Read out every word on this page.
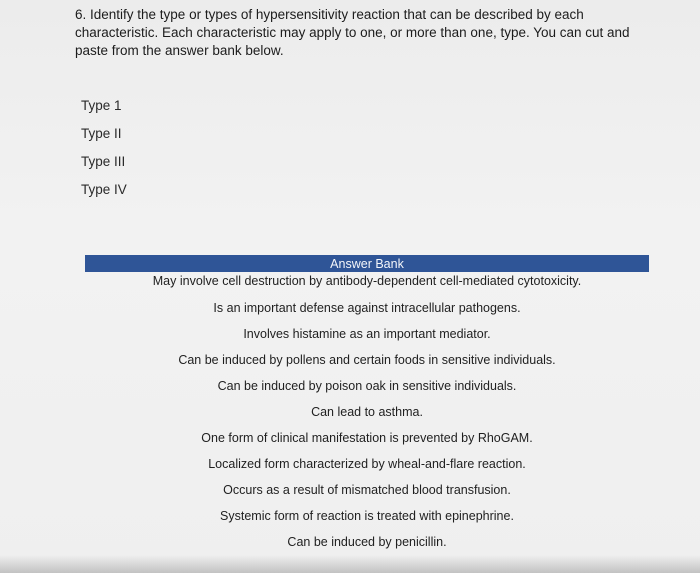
6. Identify the type or types of hypersensitivity reaction that can be described by each characteristic. Each characteristic may apply to one, or more than one, type. You can cut and paste from the answer bank below.
Type 1
Type II
Type III
Type IV
Answer Bank
May involve cell destruction by antibody-dependent cell-mediated cytotoxicity.
Is an important defense against intracellular pathogens.
Involves histamine as an important mediator.
Can be induced by pollens and certain foods in sensitive individuals.
Can be induced by poison oak in sensitive individuals.
Can lead to asthma.
One form of clinical manifestation is prevented by RhoGAM.
Localized form characterized by wheal-and-flare reaction.
Occurs as a result of mismatched blood transfusion.
Systemic form of reaction is treated with epinephrine.
Can be induced by penicillin.
